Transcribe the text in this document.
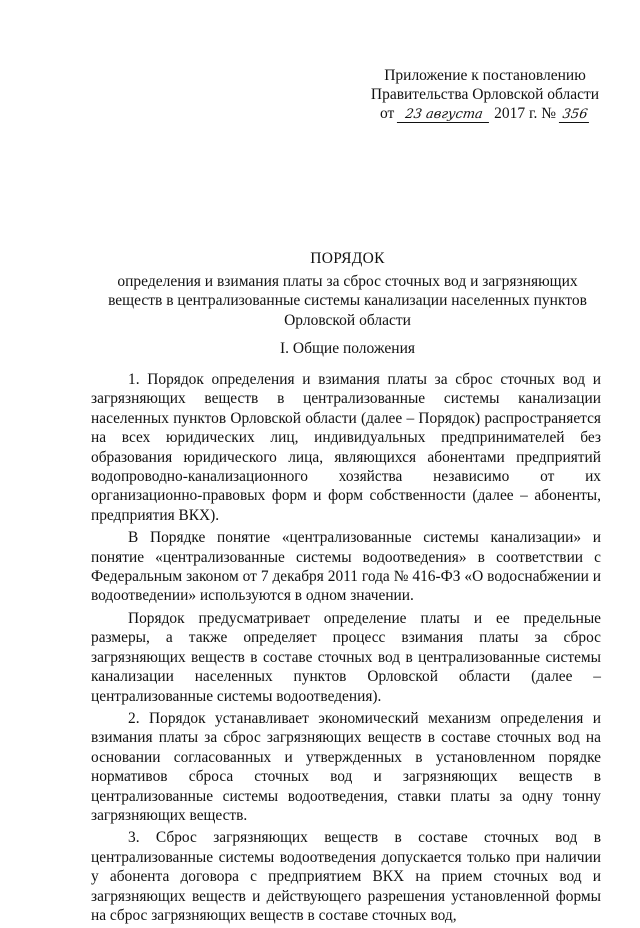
Приложение к постановлению
Правительства Орловской области
от 23 августа 2017 г. № 356
ПОРЯДОК
определения и взимания платы за сброс сточных вод и загрязняющих веществ в централизованные системы канализации населенных пунктов Орловской области
I. Общие положения

1. Порядок определения и взимания платы за сброс сточных вод и загрязняющих веществ в централизованные системы канализации населенных пунктов Орловской области (далее – Порядок) распространяется на всех юридических лиц, индивидуальных предпринимателей без образования юридического лица, являющихся абонентами предприятий водопроводно-канализационного хозяйства независимо от их организационно-правовых форм и форм собственности (далее – абоненты, предприятия ВКХ).

В Порядке понятие «централизованные системы канализации» и понятие «централизованные системы водоотведения» в соответствии с Федеральным законом от 7 декабря 2011 года № 416-ФЗ «О водоснабжении и водоотведении» используются в одном значении.

Порядок предусматривает определение платы и ее предельные размеры, а также определяет процесс взимания платы за сброс загрязняющих веществ в составе сточных вод в централизованные системы канализации населенных пунктов Орловской области (далее – централизованные системы водоотведения).

2. Порядок устанавливает экономический механизм определения и взимания платы за сброс загрязняющих веществ в составе сточных вод на основании согласованных и утвержденных в установленном порядке нормативов сброса сточных вод и загрязняющих веществ в централизованные системы водоотведения, ставки платы за одну тонну загрязняющих веществ.

3. Сброс загрязняющих веществ в составе сточных вод в централизованные системы водоотведения допускается только при наличии у абонента договора с предприятием ВКХ на прием сточных вод и загрязняющих веществ и действующего разрешения установленной формы на сброс загрязняющих веществ в составе сточных вод,
